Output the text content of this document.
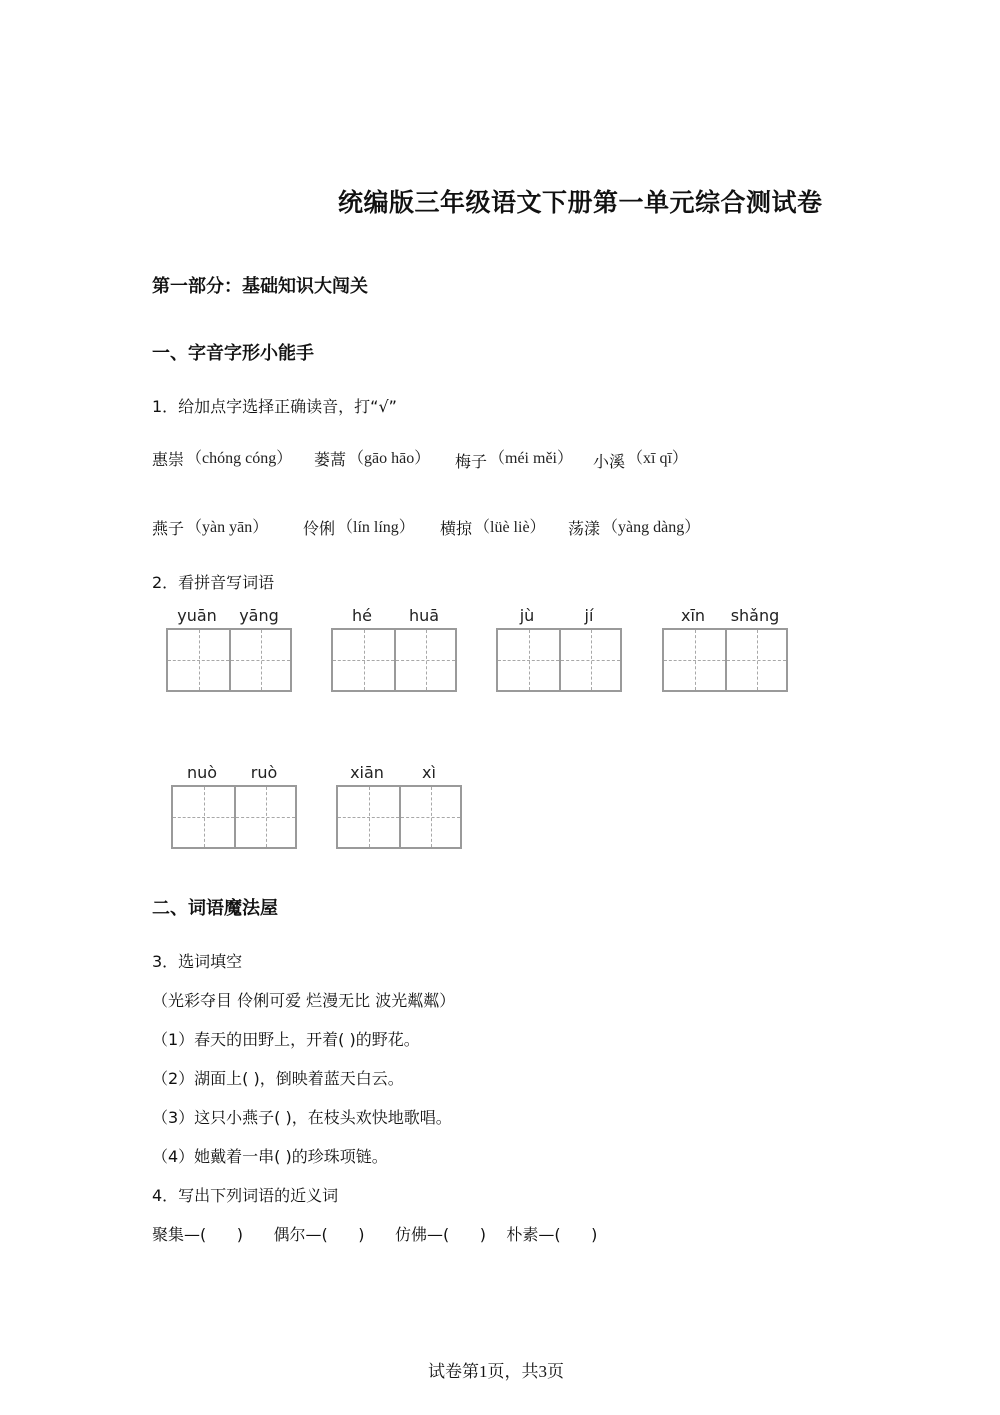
统编版三年级语文下册第一单元综合测试卷
第一部分：基础知识大闯关
一、字音字形小能手
1．给加点字选择正确读音，打“√”
惠崇 （chóng cóng） 蒌蒿 （gāo hāo） 梅子 （méi měi） 小溪 （xī qī）
燕子 （yàn yān） 伶俐 （lín líng） 横掠 （lüè liè） 荡漾 （yàng dàng）
2．看拼音写词语
yuān	yāng	hé	huā	jù	jí	xīn	shǎng
nuò	ruò	xiān	xì
二、词语魔法屋
3．选词填空
（光彩夺目 伶俐可爱 烂漫无比 波光粼粼）
（1）春天的田野上，开着( )的野花。
（2）湖面上( )，倒映着蓝天白云。
（3）这只小燕子( )，在枝头欢快地歌唱。
（4）她戴着一串( )的珍珠项链。
4．写出下列词语的近义词
聚集—(      )      偶尔—(      )      仿佛—(      )    朴素—(      )
试卷第1页，共3页
